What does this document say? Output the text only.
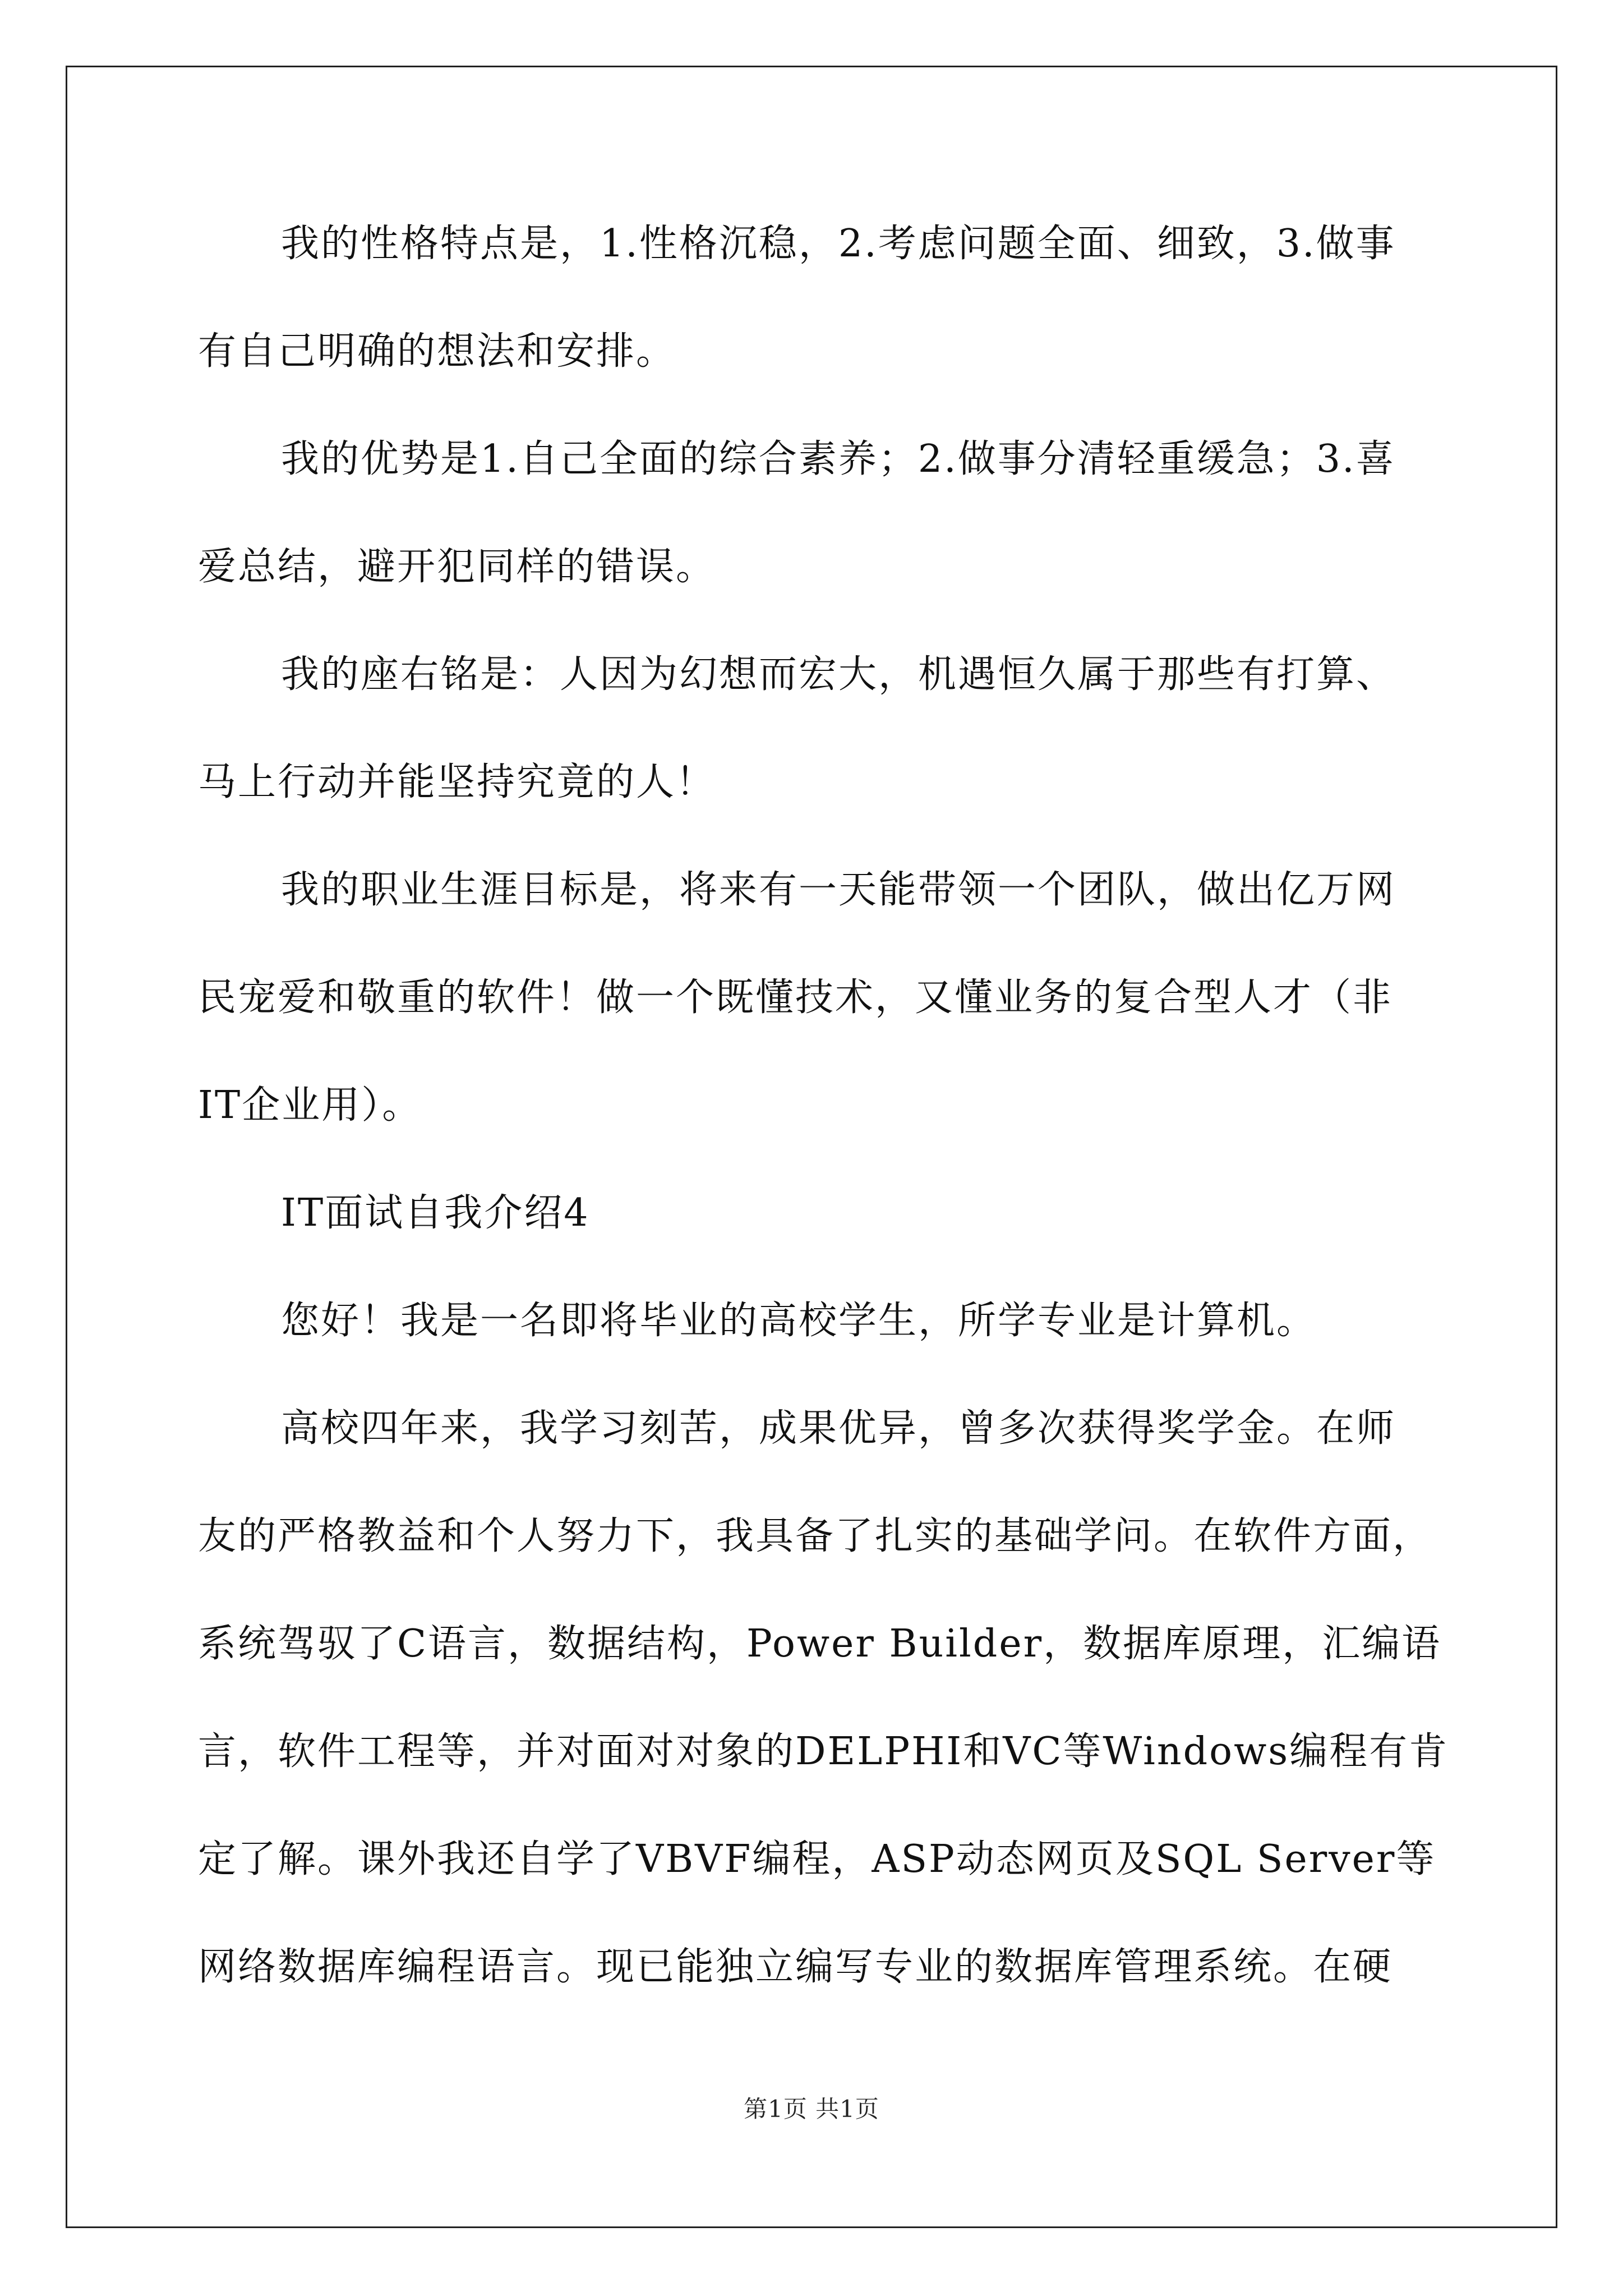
我的性格特点是，1.性格沉稳，2.考虑问题全面、细致，3.做事
有自己明确的想法和安排。
我的优势是1.自己全面的综合素养；2.做事分清轻重缓急；3.喜
爱总结，避开犯同样的错误。
我的座右铭是：人因为幻想而宏大，机遇恒久属于那些有打算、
马上行动并能坚持究竟的人！
我的职业生涯目标是，将来有一天能带领一个团队，做出亿万网
民宠爱和敬重的软件！做一个既懂技术，又懂业务的复合型人才（非
IT企业用）。
IT面试自我介绍4
您好！我是一名即将毕业的高校学生，所学专业是计算机。
高校四年来，我学习刻苦，成果优异，曾多次获得奖学金。在师
友的严格教益和个人努力下，我具备了扎实的基础学问。在软件方面，
系统驾驭了C语言，数据结构，Power Builder，数据库原理，汇编语
言，软件工程等，并对面对对象的DELPHI和VC等Windows编程有肯
定了解。课外我还自学了VBVF编程，ASP动态网页及SQL Server等
网络数据库编程语言。现已能独立编写专业的数据库管理系统。在硬
第1页 共1页
